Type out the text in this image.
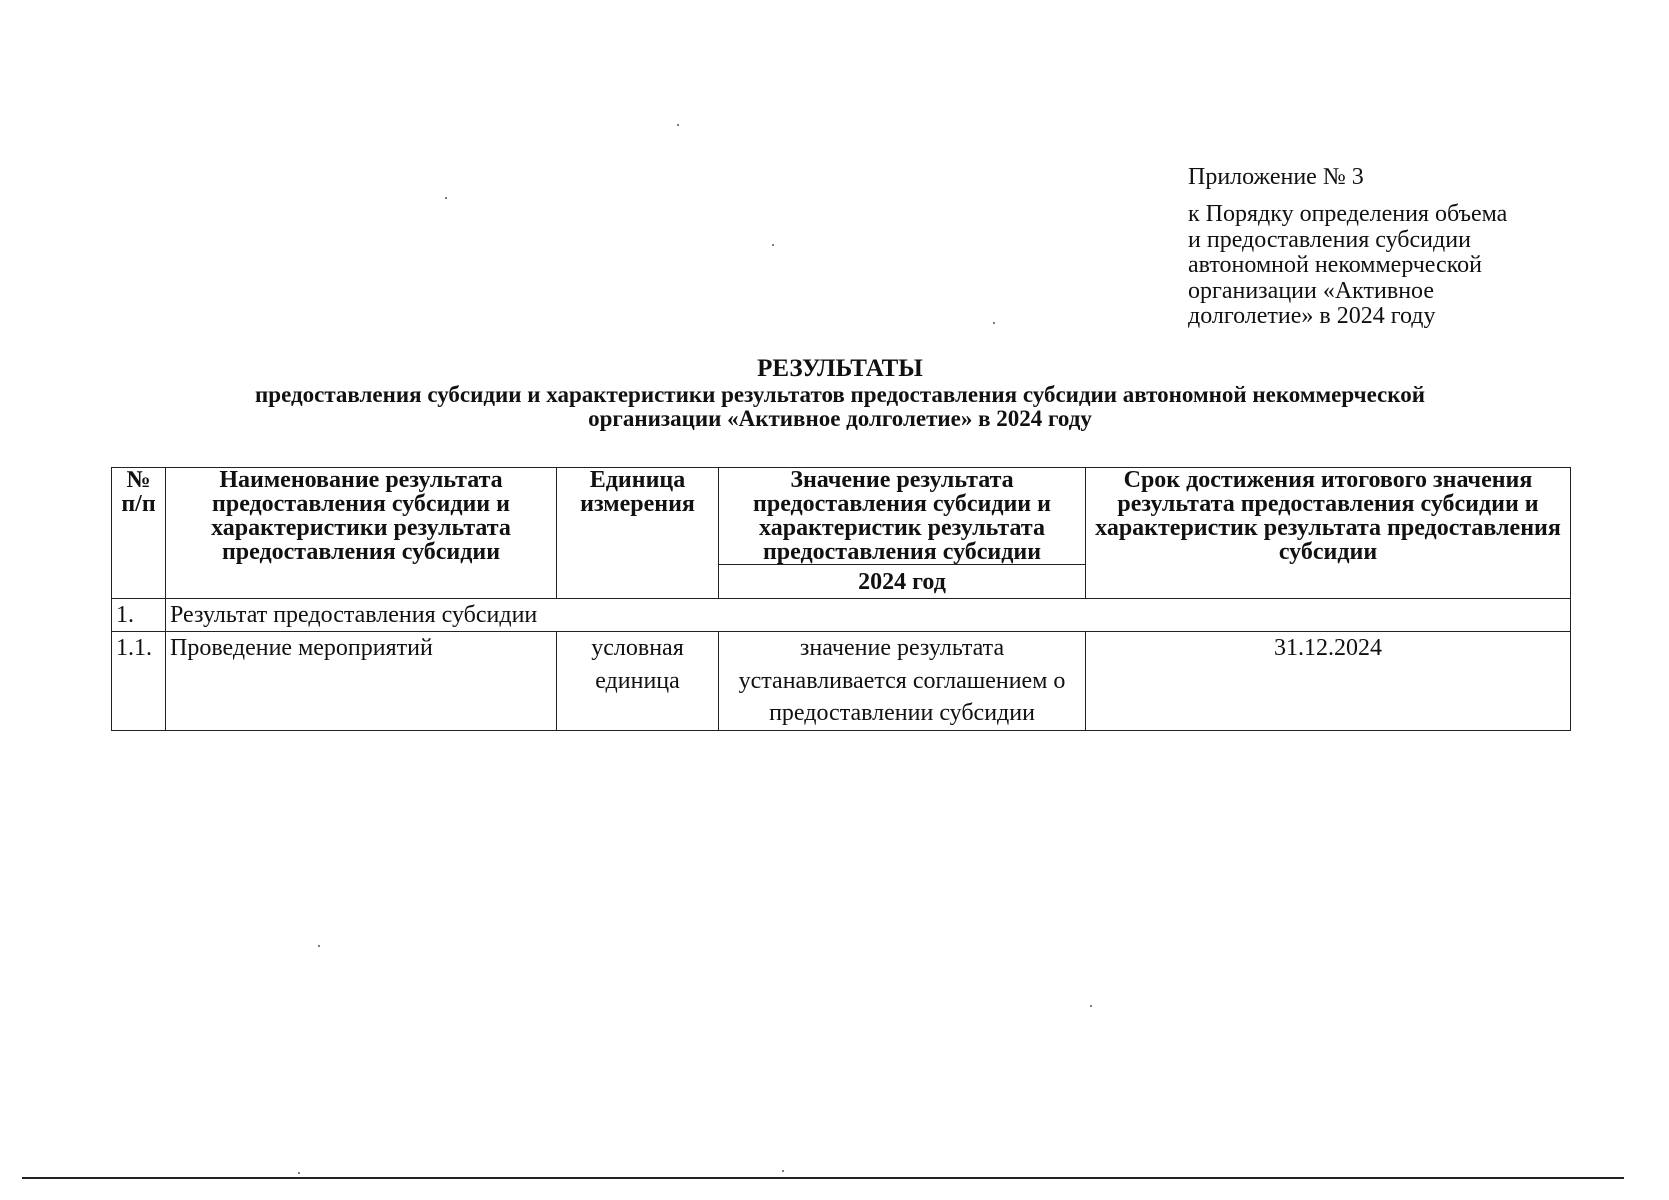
Приложение № 3
к Порядку определения объема
и предоставления субсидии
автономной некоммерческой
организации «Активное
долголетие» в 2024 году
РЕЗУЛЬТАТЫ
предоставления субсидии и характеристики результатов предоставления субсидии автономной некоммерческой
организации «Активное долголетие» в 2024 году
№ п/п	Наименование результата предоставления субсидии и характеристики результата предоставления субсидии	Единица измерения	Значение результата предоставления субсидии и характеристик результата предоставления субсидии	Срок достижения итогового значения результата предоставления субсидии и характеристик результата предоставления субсидии
			2024 год	
1.	Результат предоставления субсидии			
1.1.	Проведение мероприятий	условная единица	значение результата устанавливается соглашением о предоставлении субсидии	31.12.2024
